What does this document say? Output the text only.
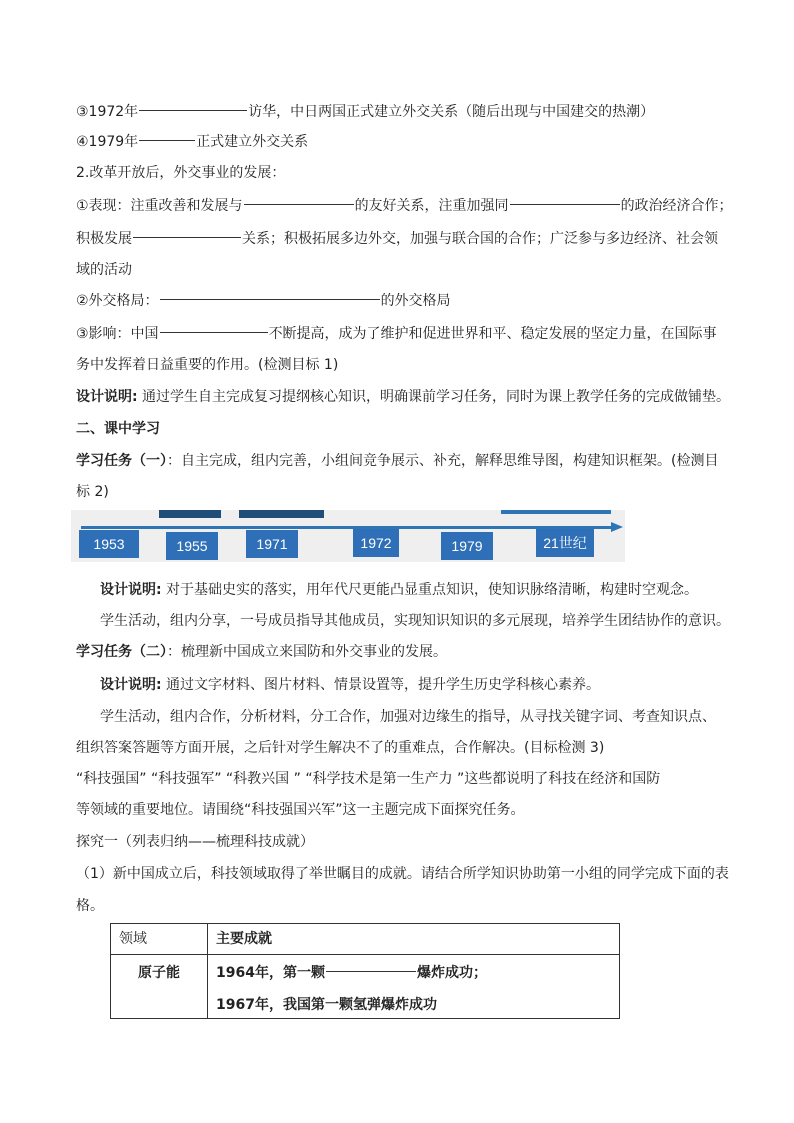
③1972年	访华，中日两国正式建立外交关系（随后出现与中国建交的热潮）
④1979年	正式建立外交关系
2.改革开放后，外交事业的发展：
①表现：注重改善和发展与	的友好关系，注重加强同	的政治经济合作；
积极发展	关系；积极拓展多边外交，加强与联合国的合作；广泛参与多边经济、社会领
域的活动
②外交格局：	的外交格局
③影响：中国	不断提高，成为了维护和促进世界和平、稳定发展的坚定力量，在国际事
务中发挥着日益重要的作用。(检测目标 1)
设计说明: 通过学生自主完成复习提纲核心知识，明确课前学习任务，同时为课上教学任务的完成做铺垫。
二、课中学习
学习任务（一）：自主完成，组内完善，小组间竞争展示、补充，解释思维导图，构建知识框架。(检测目
标 2)
1953	1955	1971	1972	1979	21世纪
设计说明: 对于基础史实的落实，用年代尺更能凸显重点知识，使知识脉络清晰，构建时空观念。
学生活动，组内分享，一号成员指导其他成员，实现知识知识的多元展现，培养学生团结协作的意识。
学习任务（二）：梳理新中国成立来国防和外交事业的发展。
设计说明: 通过文字材料、图片材料、情景设置等，提升学生历史学科核心素养。
学生活动，组内合作，分析材料，分工合作，加强对边缘生的指导，从寻找关键字词、考查知识点、
组织答案答题等方面开展，之后针对学生解决不了的重难点，合作解决。(目标检测 3)
“科技强国” “科技强军” “科教兴国 ” “科学技术是第一生产力 ”这些都说明了科技在经济和国防
等领域的重要地位。请围绕“科技强国兴军”这一主题完成下面探究任务。
探究一（列表归纳——梳理科技成就）
（1）新中国成立后，科技领域取得了举世瞩目的成就。请结合所学知识协助第一小组的同学完成下面的表
格。
领域	主要成就

原子能	1964年，第一颗 爆炸成功；

1967年，我国第一颗氢弹爆炸成功
